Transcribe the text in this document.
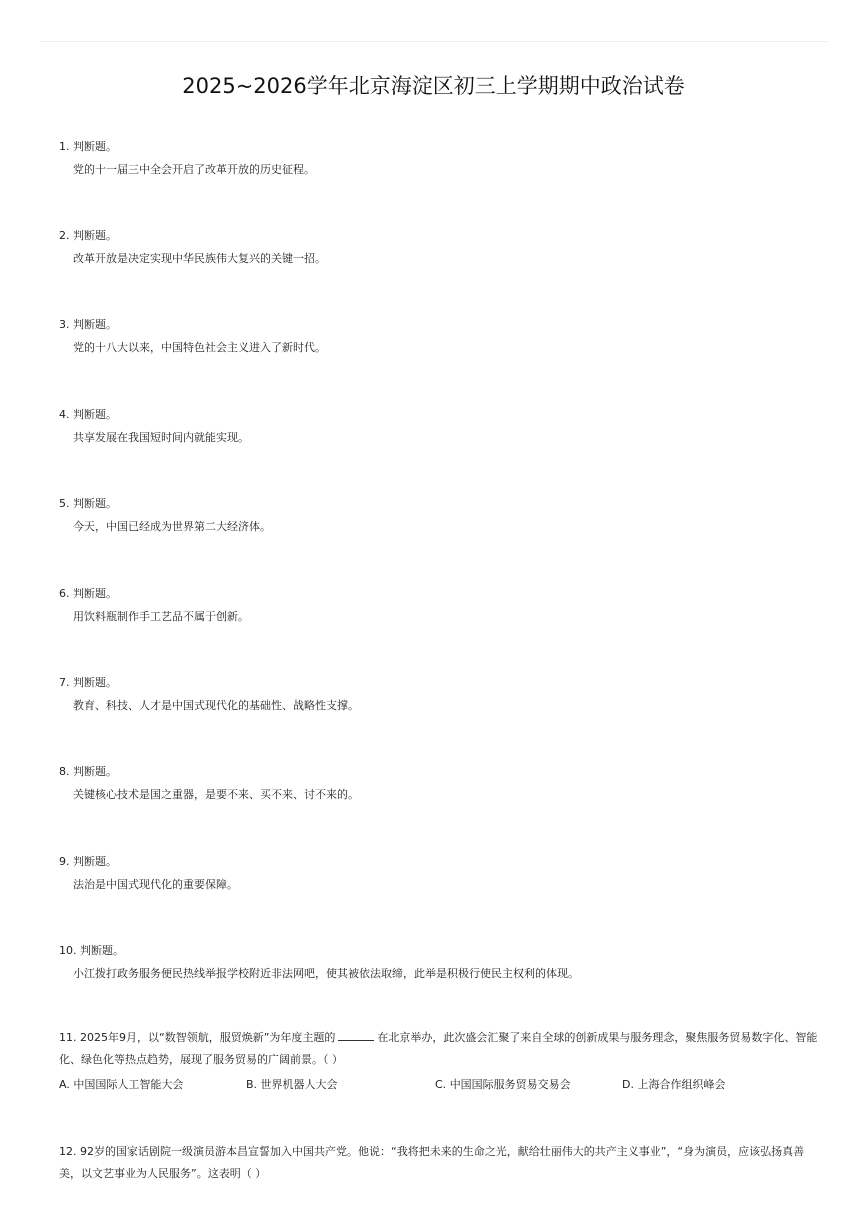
2025~2026学年北京海淀区初三上学期期中政治试卷
1. 判断题。
党的十一届三中全会开启了改革开放的历史征程。
2. 判断题。
改革开放是决定实现中华民族伟大复兴的关键一招。
3. 判断题。
党的十八大以来，中国特色社会主义进入了新时代。
4. 判断题。
共享发展在我国短时间内就能实现。
5. 判断题。
今天，中国已经成为世界第二大经济体。
6. 判断题。
用饮料瓶制作手工艺品不属于创新。
7. 判断题。
教育、科技、人才是中国式现代化的基础性、战略性支撑。
8. 判断题。
关键核心技术是国之重器，是要不来、买不来、讨不来的。
9. 判断题。
法治是中国式现代化的重要保障。
10. 判断题。
小江拨打政务服务便民热线举报学校附近非法网吧，使其被依法取缔，此举是积极行使民主权利的体现。
11. 2025年9月，以“数智领航，服贸焕新”为年度主题的	在北京举办，此次盛会汇聚了来自全球的创新成果与服务理念，聚焦服务贸易数字化、智能化、绿色化等热点趋势，展现了服务贸易的广阔前景。（ ）
A. 中国国际人工智能大会	B. 世界机器人大会	C. 中国国际服务贸易交易会	D. 上海合作组织峰会
12. 92岁的国家话剧院一级演员游本昌宣誓加入中国共产党。他说：“我将把未来的生命之光，献给壮丽伟大的共产主义事业”，“身为演员，应该弘扬真善美，以文艺事业为人民服务”。这表明（ ）
